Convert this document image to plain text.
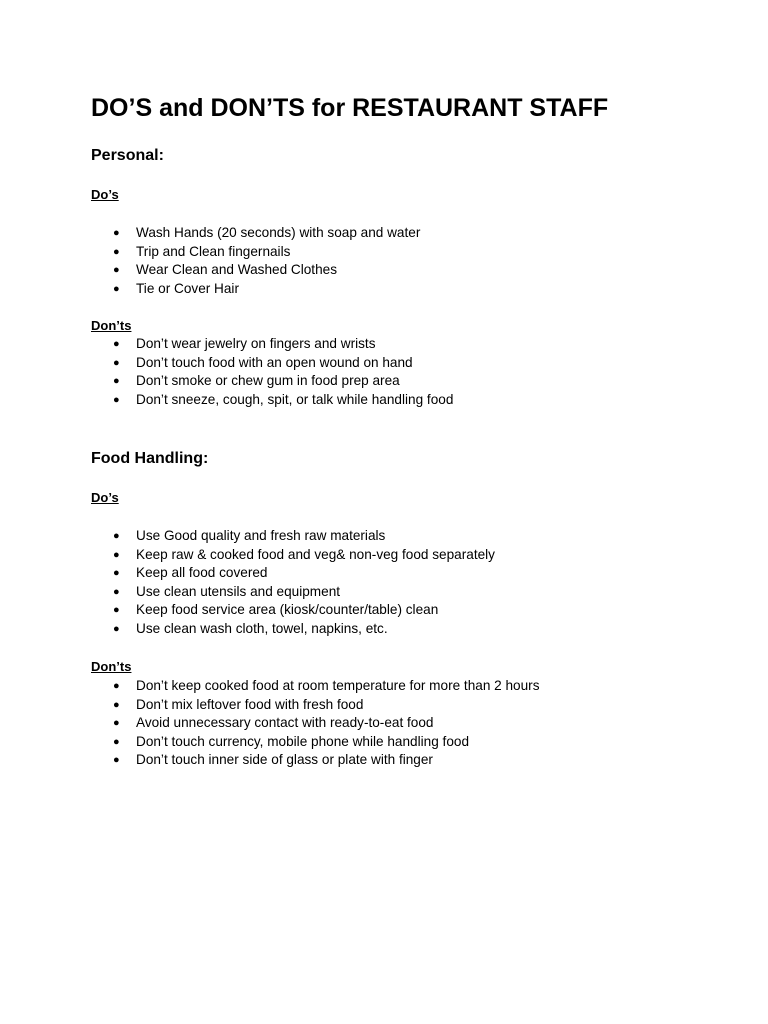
DO’S and DON’TS for RESTAURANT STAFF
Personal:
Do’s
● Wash Hands (20 seconds) with soap and water
● Trip and Clean fingernails
● Wear Clean and Washed Clothes
● Tie or Cover Hair
Don’ts
● Don’t wear jewelry on fingers and wrists
● Don’t touch food with an open wound on hand
● Don’t smoke or chew gum in food prep area
● Don’t sneeze, cough, spit, or talk while handling food
Food Handling:
Do’s
● Use Good quality and fresh raw materials
● Keep raw & cooked food and veg& non-veg food separately
● Keep all food covered
● Use clean utensils and equipment
● Keep food service area (kiosk/counter/table) clean
● Use clean wash cloth, towel, napkins, etc.
Don’ts
● Don’t keep cooked food at room temperature for more than 2 hours
● Don’t mix leftover food with fresh food
● Avoid unnecessary contact with ready-to-eat food
● Don’t touch currency, mobile phone while handling food
● Don’t touch inner side of glass or plate with finger
